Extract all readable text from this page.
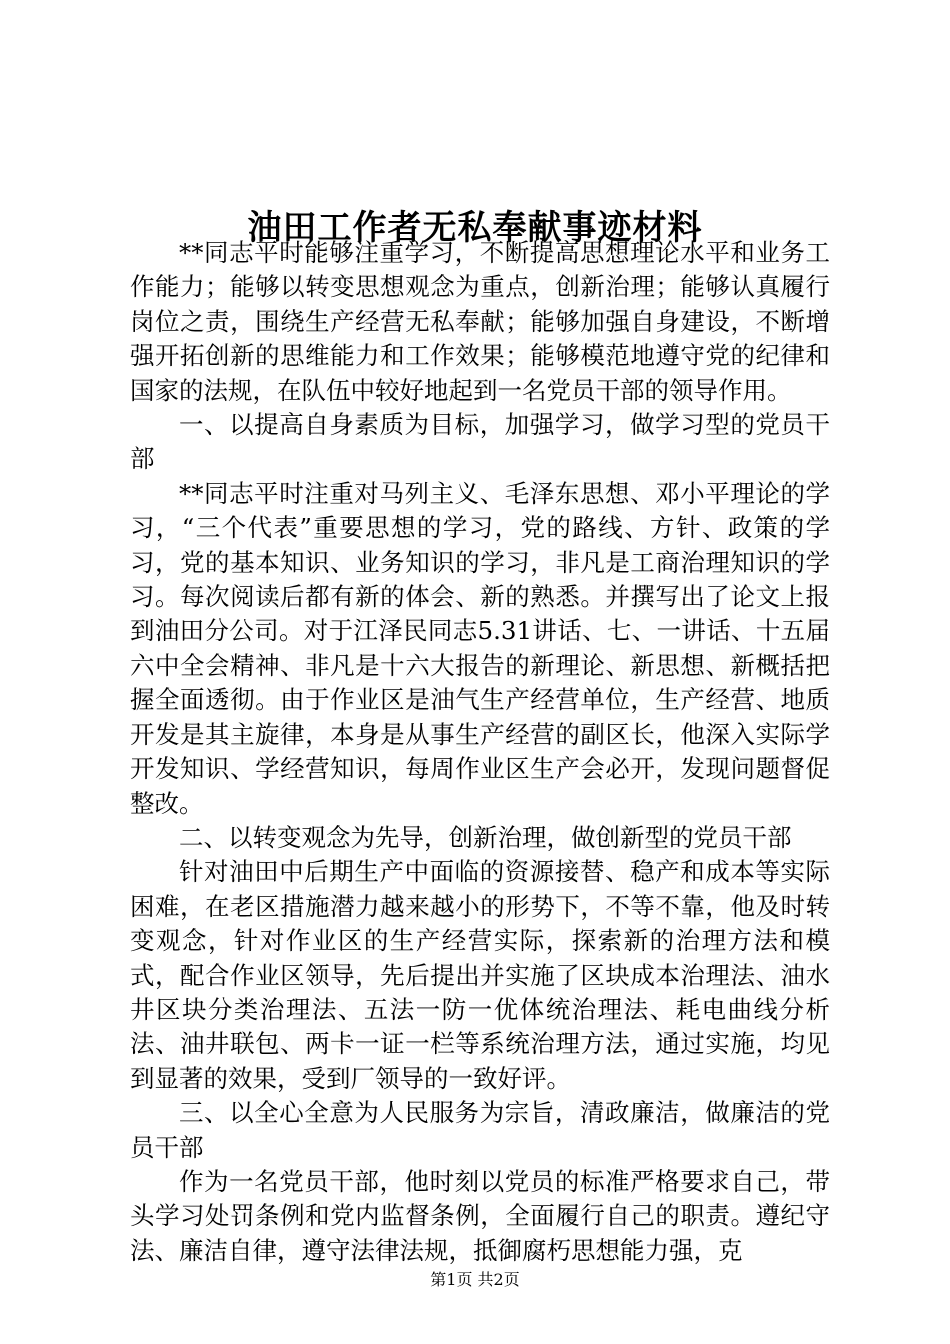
油田工作者无私奉献事迹材料

**同志平时能够注重学习，不断提高思想理论水平和业务工作能力；能够以转变思想观念为重点，创新治理；能够认真履行岗位之责，围绕生产经营无私奉献；能够加强自身建设，不断增强开拓创新的思维能力和工作效果；能够模范地遵守党的纪律和国家的法规，在队伍中较好地起到一名党员干部的领导作用。

一、以提高自身素质为目标，加强学习，做学习型的党员干部

**同志平时注重对马列主义、毛泽东思想、邓小平理论的学习，“三个代表”重要思想的学习，党的路线、方针、政策的学习，党的基本知识、业务知识的学习，非凡是工商治理知识的学习。每次阅读后都有新的体会、新的熟悉。并撰写出了论文上报到油田分公司。对于江泽民同志5.31讲话、七、一讲话、十五届六中全会精神、非凡是十六大报告的新理论、新思想、新概括把握全面透彻。由于作业区是油气生产经营单位，生产经营、地质开发是其主旋律，本身是从事生产经营的副区长，他深入实际学开发知识、学经营知识，每周作业区生产会必开，发现问题督促整改。

二、以转变观念为先导，创新治理，做创新型的党员干部

针对油田中后期生产中面临的资源接替、稳产和成本等实际困难，在老区措施潜力越来越小的形势下，不等不靠，他及时转变观念，针对作业区的生产经营实际，探索新的治理方法和模式，配合作业区领导，先后提出并实施了区块成本治理法、油水井区块分类治理法、五法一防一优体统治理法、耗电曲线分析法、油井联包、两卡一证一栏等系统治理方法，通过实施，均见到显著的效果，受到厂领导的一致好评。

三、以全心全意为人民服务为宗旨，清政廉洁，做廉洁的党员干部

作为一名党员干部，他时刻以党员的标准严格要求自己，带头学习处罚条例和党内监督条例，全面履行自己的职责。遵纪守法、廉洁自律，遵守法律法规，抵御腐朽思想能力强，克

第1页 共2页
